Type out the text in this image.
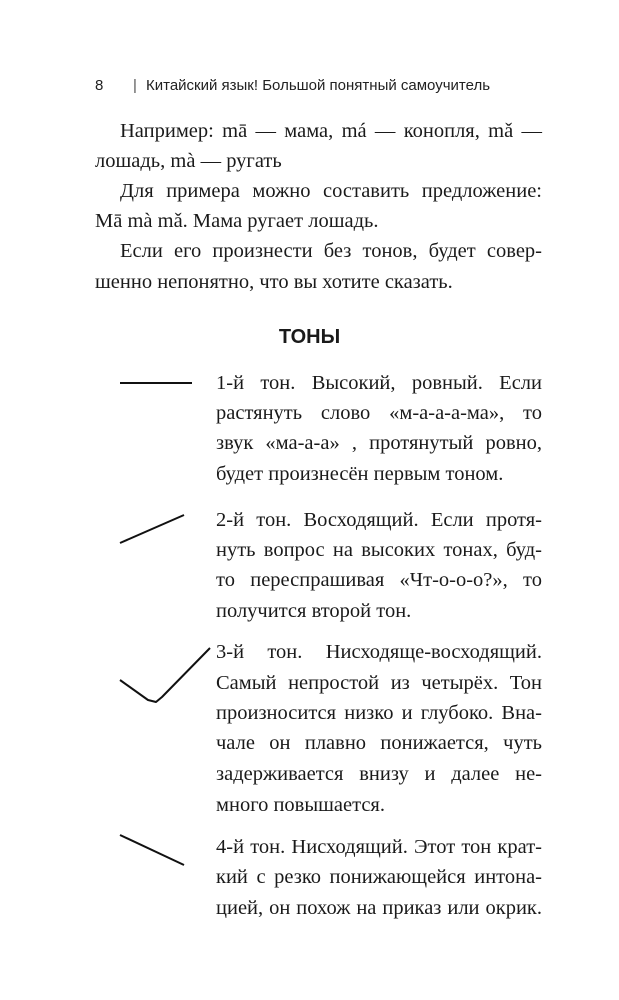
8 | Китайский язык! Большой понятный самоучитель
Например: mā — мама, má — конопля, mǎ —
лошадь, mà — ругать
Для примера можно составить предложение:
Mā mà mǎ. Мама ругает лошадь.
Если его произнести без тонов, будет совер-
шенно непонятно, что вы хотите сказать.
ТОНЫ
1-й тон. Высокий, ровный. Если
растянуть слово «м-а-а-а-ма», то
звук «ма-а-а» , протянутый ровно,
будет произнесён первым тоном.
2-й тон. Восходящий. Если протя-
нуть вопрос на высоких тонах, буд-
то переспрашивая «Чт-о-о-о?», то
получится второй тон.
3-й тон. Нисходяще-восходящий.
Самый непростой из четырёх. Тон
произносится низко и глубоко. Вна-
чале он плавно понижается, чуть
задерживается внизу и далее не-
много повышается.
4-й тон. Нисходящий. Этот тон крат-
кий с резко понижающейся интона-
цией, он похож на приказ или окрик.
